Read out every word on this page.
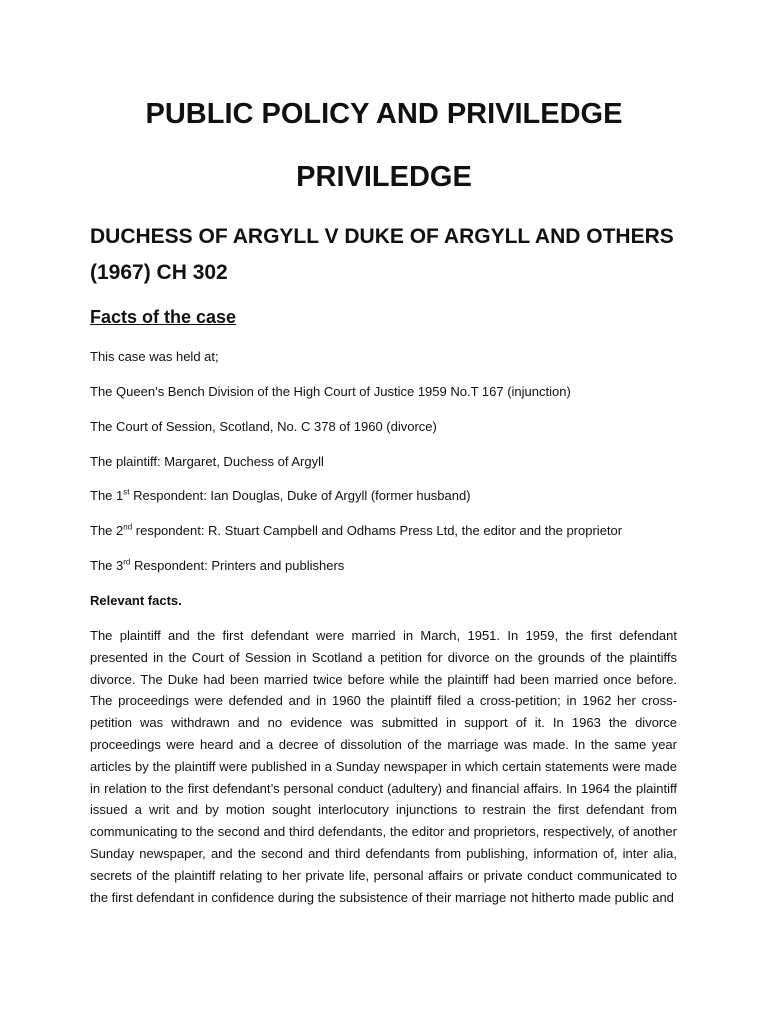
PUBLIC POLICY AND PRIVILEDGE
PRIVILEDGE
DUCHESS OF ARGYLL V DUKE OF ARGYLL AND OTHERS (1967) CH 302
Facts of the case

This case was held at;

The Queen’s Bench Division of the High Court of Justice 1959 No.T 167 (injunction)

The Court of Session, Scotland, No. C 378 of 1960 (divorce)

The plaintiff: Margaret, Duchess of Argyll

The 1st Respondent: Ian Douglas, Duke of Argyll (former husband)

The 2nd respondent: R. Stuart Campbell and Odhams Press Ltd, the editor and the proprietor

The 3rd Respondent: Printers and publishers

Relevant facts.

The plaintiff and the first defendant were married in March, 1951. In 1959, the first defendant presented in the Court of Session in Scotland a petition for divorce on the grounds of the plaintiffs divorce. The Duke had been married twice before while the plaintiff had been married once before. The proceedings were defended and in 1960 the plaintiff filed a cross-petition; in 1962 her cross-petition was withdrawn and no evidence was submitted in support of it. In 1963 the divorce proceedings were heard and a decree of dissolution of the marriage was made. In the same year articles by the plaintiff were published in a Sunday newspaper in which certain statements were made in relation to the first defendant’s personal conduct (adultery) and financial affairs. In 1964 the plaintiff issued a writ and by motion sought interlocutory injunctions to restrain the first defendant from communicating to the second and third defendants, the editor and proprietors, respectively, of another Sunday newspaper, and the second and third defendants from publishing, information of, inter alia, secrets of the plaintiff relating to her private life, personal affairs or private conduct communicated to the first defendant in confidence during the subsistence of their marriage not hitherto made public and
